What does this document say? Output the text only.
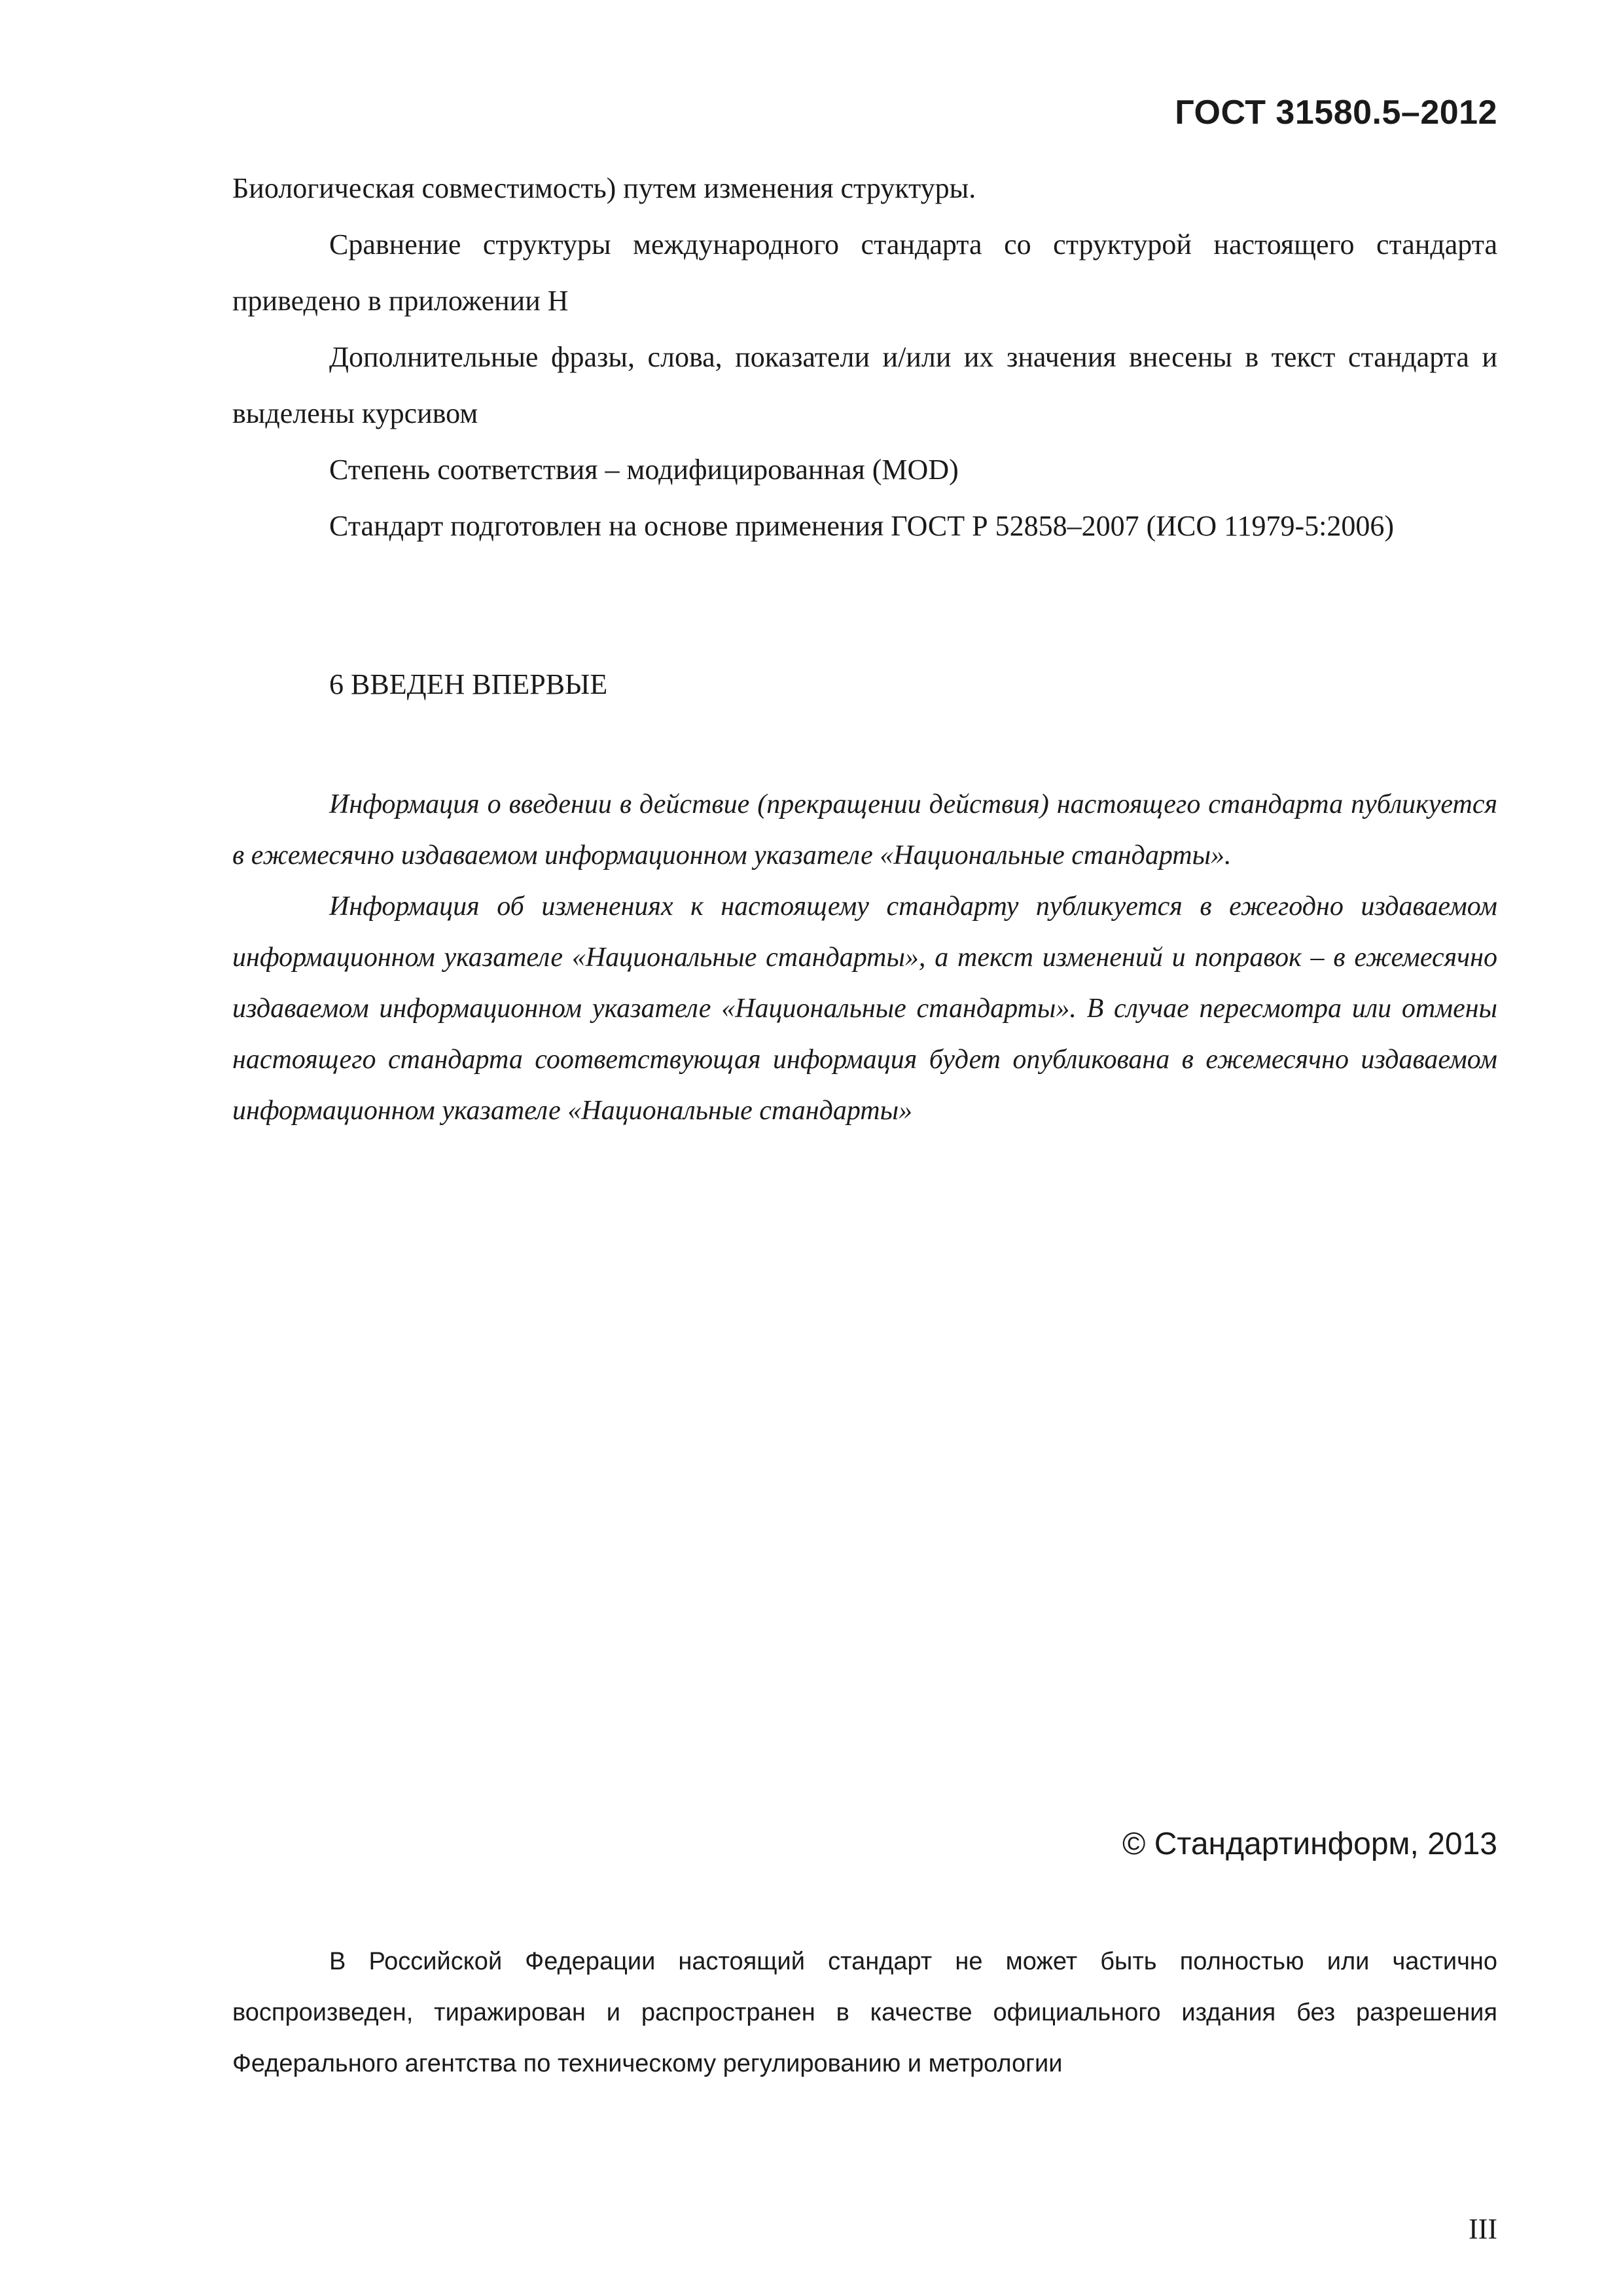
ГОСТ 31580.5–2012

Биологическая совместимость) путем изменения структуры.

Сравнение структуры международного стандарта со структурой настоящего стандарта приведено в приложении Н

Дополнительные фразы, слова, показатели и/или их значения внесены в текст стандарта и выделены курсивом

Степень соответствия – модифицированная (MOD)

Стандарт подготовлен на основе применения ГОСТ Р 52858–2007 (ИСО 11979-5:2006)

6 ВВЕДЕН ВПЕРВЫЕ

Информация о введении в действие (прекращении действия) настоящего стандарта публикуется в ежемесячно издаваемом информационном указателе «Национальные стандарты».

Информация об изменениях к настоящему стандарту публикуется в ежегодно издаваемом информационном указателе «Национальные стандарты», а текст изменений и поправок – в ежемесячно издаваемом информационном указателе «Национальные стандарты». В случае пересмотра или отмены настоящего стандарта соответствующая информация будет опубликована в ежемесячно издаваемом информационном указателе «Национальные стандарты»

© Стандартинформ, 2013
В Российской Федерации настоящий стандарт не может быть полностью или частично воспроизведен, тиражирован и распространен в качестве официального издания без разрешения Федерального агентства по техническому регулированию и метрологии
III
